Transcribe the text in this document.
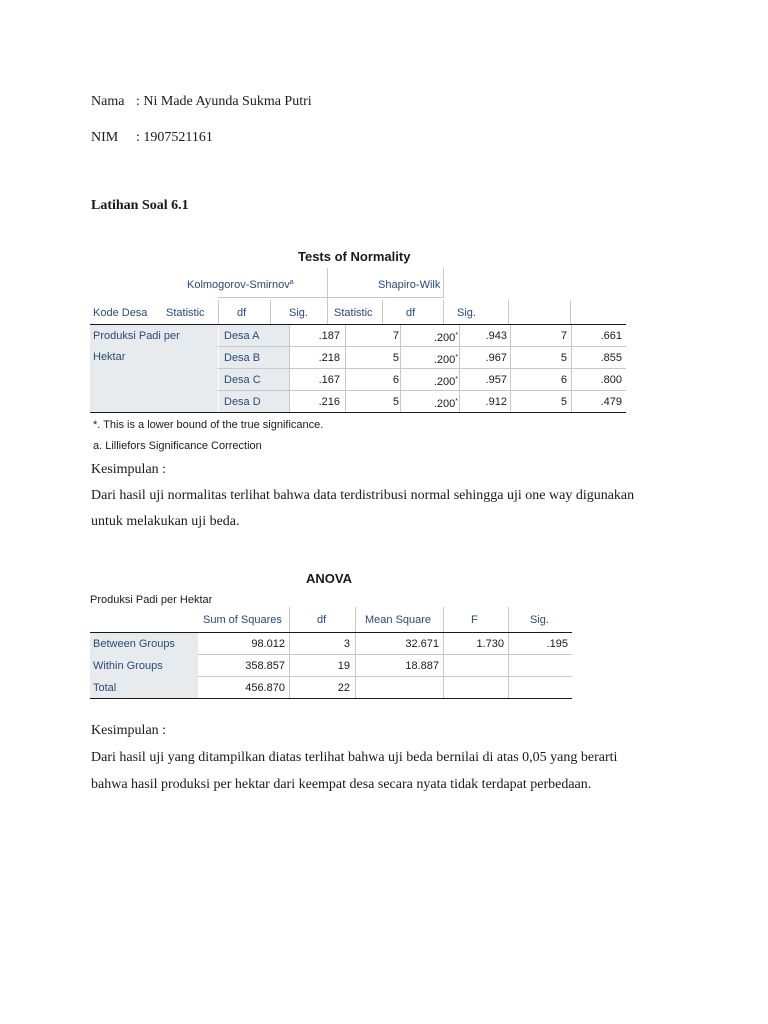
Nama : Ni Made Ayunda Sukma Putri
NIM : 1907521161
Latihan Soal 6.1
Tests of Normality
Kolmogorov-Smirnov$^a$	Shapiro-Wilk
Kode Desa Statistic	df	Sig. Statistic	df	Sig.
Produksi Padi per
Hektar
Desa A	.187	7	.200*	.943	7	.661
Desa B	.218	5	.200*	.967	5	.855
Desa C	.167	6	.200*	.957	6	.800
Desa D	.216	5	.200*	.912	5	.479
*. This is a lower bound of the true significance.
a. Lilliefors Significance Correction
Kesimpulan :
Dari hasil uji normalitas terlihat bahwa data terdistribusi normal sehingga uji one way digunakan
untuk melakukan uji beda.
ANOVA
Produksi Padi per Hektar
Sum of Squares	df	Mean Square	F	Sig.
Between Groups	98.012	3	32.671	1.730	.195
Within Groups	358.857	19	18.887
Total	456.870	22
Kesimpulan :
Dari hasil uji yang ditampilkan diatas terlihat bahwa uji beda bernilai di atas 0,05 yang berarti
bahwa hasil produksi per hektar dari keempat desa secara nyata tidak terdapat perbedaan.
